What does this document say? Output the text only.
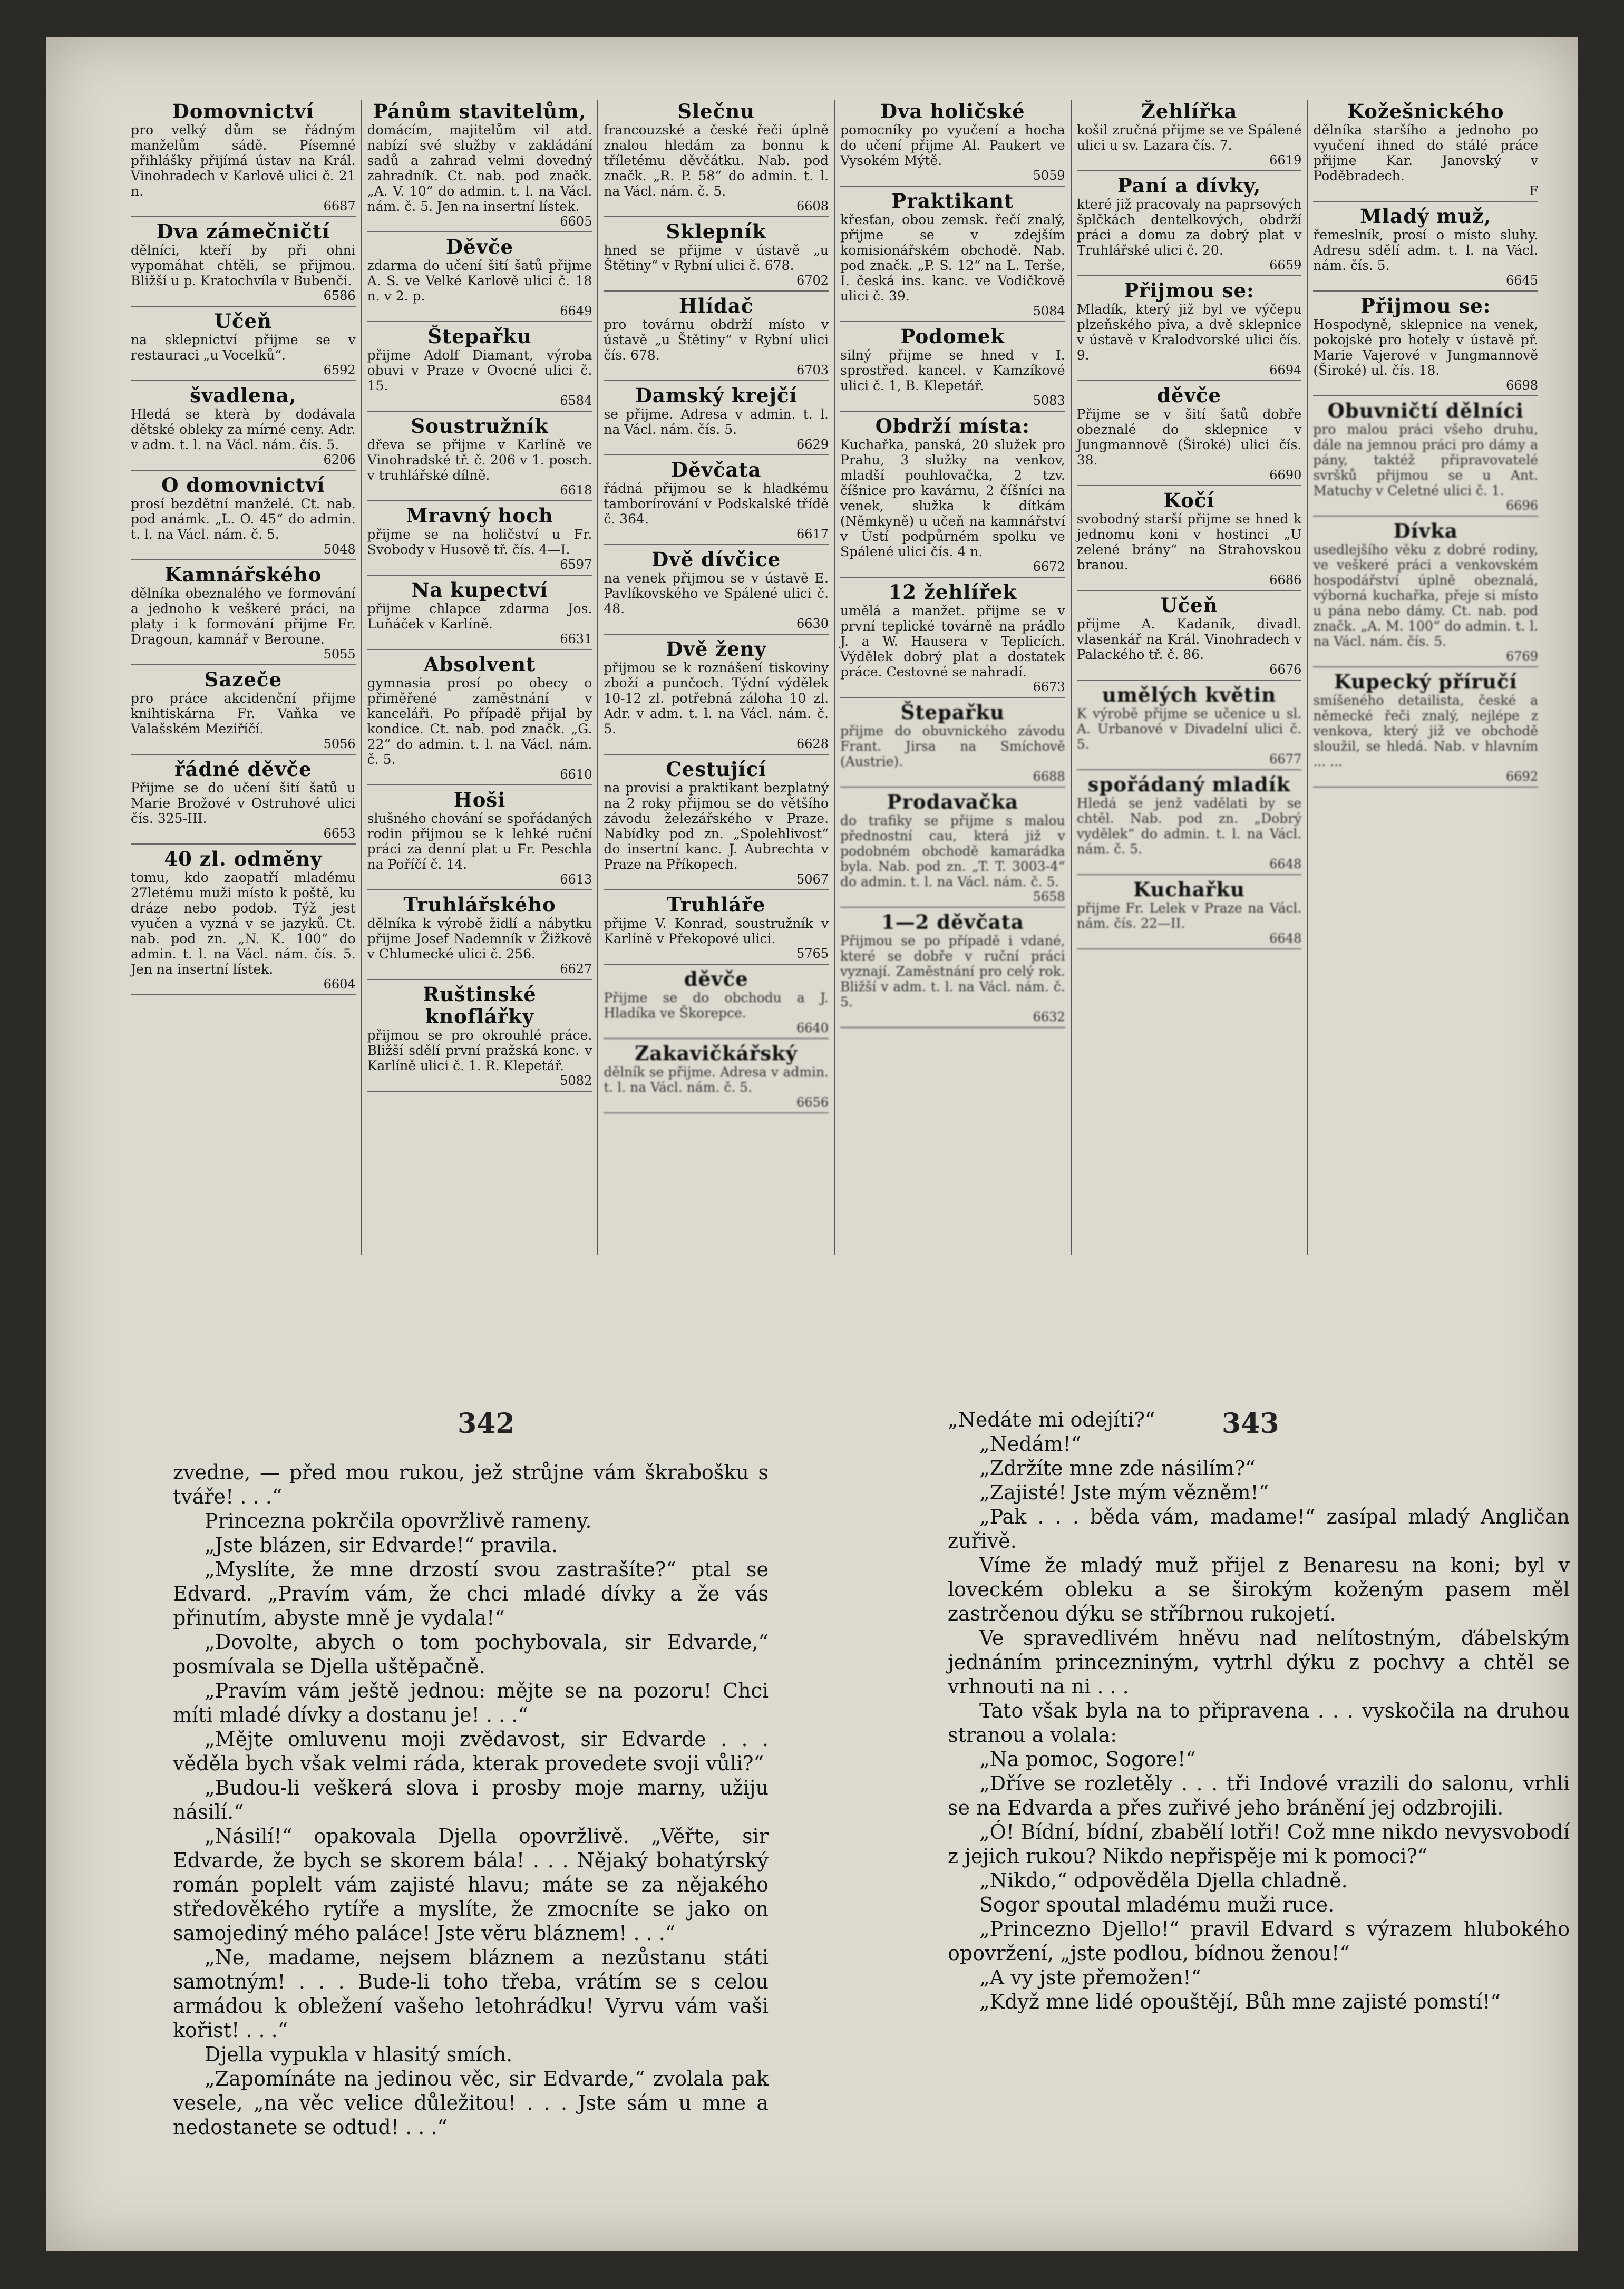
Domovnictví

pro velký dům se řádným manželům sádě. Písemné přihlášky přijímá ústav na Král. Vinohradech v Karlově ulici č. 21 n.

6687
Dva zámečničtí

dělníci, kteří by při ohni vypomáhat chtěli, se přijmou. Bližší u p. Kratochvíla v Bubenči.

6586
Učeň

na sklepnictví přijme se v restauraci „u Vocelků“.

6592
švadlena,

Hledá se kterà by dodávala dětské obleky za mírné ceny. Adr. v adm. t. l. na Václ. nám. čís. 5.

6206
O domovnictví

prosí bezdětní manželé. Ct. nab. pod anámk. „L. O. 45“ do admin. t. l. na Václ. nám. č. 5.

5048
Kamnářského

dělníka obeznalého ve formování a jednoho k veškeré práci, na platy i k formování přijme Fr. Dragoun, kamnář v Beroune.

5055
Sazeče

pro práce akcidenční přijme knihtiskárna Fr. Vaňka ve Valašském Meziříčí.

5056
řádné děvče

Přijme se do učení šití šatů u Marie Brožové v Ostruhové ulici čís. 325-III.

6653
40 zl. odměny

tomu, kdo zaopatří mladému 27letému muži místo k poště, ku dráze nebo podob. Týž jest vyučen a vyzná v se jazyků. Ct. nab. pod zn. „N. K. 100“ do admin. t. l. na Václ. nám. čís. 5. Jen na insertní lístek.

6604
Pánům stavitelům,

domácím, majitelům vil atd. nabízí své služby v zakládání sadů a zahrad velmi dovedný zahradník. Ct. nab. pod značk. „A. V. 10“ do admin. t. l. na Václ. nám. č. 5. Jen na insertní lístek.

6605
Děvče

zdarma do učení šití šatů přijme A. S. ve Velké Karlově ulici č. 18 n. v 2. p.

6649
Štepařku

přijme Adolf Diamant, výroba obuvi v Praze v Ovocné ulici č. 15.

6584
Soustružník

dřeva se přijme v Karlíně ve Vinohradské tř. č. 206 v 1. posch. v truhlářské dílně.

6618
Mravný hoch

přijme se na holičství u Fr. Svobody v Husově tř. čís. 4—I.

6597
Na kupectví

přijme chlapce zdarma Jos. Luňáček v Karlíně.

6631
Absolvent

gymnasia prosí po obecy o přiměřené zaměstnání v kanceláři. Po případě přijal by kondice. Ct. nab. pod značk. „G. 22“ do admin. t. l. na Václ. nám. č. 5.

6610
Hoši

slušného chování se spořádaných rodin přijmou se k lehké ruční práci za denní plat u Fr. Peschla na Poříčí č. 14.

6613
Truhlářského

dělníka k výrobě židlí a nábytku přijme Josef Nademník v Žižkově v Chlumecké ulici č. 256.

6627
Ruštinské knoflářky

přijmou se pro okrouhlé práce. Bližší sdělí první pražská konc. v Karlíně ulici č. 1. R. Klepetář.

5082
Slečnu

francouzské a české řeči úplně znalou hledám za bonnu k tříletému děvčátku. Nab. pod značk. „R. P. 58“ do admin. t. l. na Václ. nám. č. 5.

6608
Sklepník

hned se přijme v ústavě „u Štětiny“ v Rybní ulici č. 678.

6702
Hlídač

pro továrnu obdrží místo v ústavě „u Štětiny“ v Rybní ulici čís. 678.

6703
Damský krejčí

se přijme. Adresa v admin. t. l. na Václ. nám. čís. 5.

6629
Děvčata

řádná přijmou se k hladkému tamborírování v Podskalské třídě č. 364.

6617
Dvě dívčice

na venek přijmou se v ústavě E. Pavlíkovského ve Spálené ulici č. 48.

6630
Dvě ženy

přijmou se k roznášení tiskoviny zboží a punčoch. Týdní výdělek 10-12 zl. potřebná záloha 10 zl. Adr. v adm. t. l. na Václ. nám. č. 5.

6628
Cestující

na provisi a praktikant bezplatný na 2 roky přijmou se do většího závodu železářského v Praze. Nabídky pod zn. „Spolehlivost“ do insertní kanc. J. Aubrechta v Praze na Příkopech.

5067
Truhláře

přijme V. Konrad, soustružník v Karlíně v Překopové ulici.

5765
děvče

Přijme se do obchodu a J. Hladíka ve Škorepce.

6640
Zakavičkářský

dělník se přijme. Adresa v admin. t. l. na Václ. nám. č. 5.

6656
Dva holičské

pomocníky po vyučení a hocha do učení přijme Al. Paukert ve Vysokém Mýtě.

5059
Praktikant

křesťan, obou zemsk. řečí znalý, přijme se v zdejším komisionářském obchodě. Nab. pod značk. „P. S. 12“ na L. Terše, I. česká ins. kanc. ve Vodičkově ulici č. 39.

5084
Podomek

silný přijme se hned v I. sprostřed. kancel. v Kamzíkové ulici č. 1, B. Klepetář.

5083
Obdrží místa:

Kuchařka, panská, 20 služek pro Prahu, 3 služky na venkov, mladší pouhlovačka, 2 tzv. číšnice pro kavárnu, 2 číšníci na venek, služka k dítkám (Němkyně) u učeň na kamnářství v Ústí podpůrném spolku ve Spálené ulici čís. 4 n.

6672
12 žehlířek

umělá a manžet. přijme se v první teplické továrně na prádlo J. a W. Hausera v Teplicích. Výdělek dobrý plat a dostatek práce. Cestovné se nahradí.

6673
Štepařku

přijme do obuvnického závodu Frant. Jirsa na Smíchově (Austrie).

6688
Prodavačka

do trafiky se přijme s malou přednostní cau, která již v podobném obchodě kamarádka byla. Nab. pod zn. „T. T. 3003-4“ do admin. t. l. na Václ. nám. č. 5.

5658
1—2 děvčata

Přijmou se po případě i vdané, které se dobře v ruční práci vyznají. Zaměstnání pro celý rok. Bližší v adm. t. l. na Václ. nám. č. 5.

6632
Žehlířka

košil zručná přijme se ve Spálené ulici u sv. Lazara čís. 7.

6619
Paní a dívky,

které již pracovaly na paprsových šplčkách dentelkových, obdrží práci a domu za dobrý plat v Truhlářské ulici č. 20.

6659
Přijmou se:

Mladík, který již byl ve výčepu plzeňského piva, a dvě sklepnice v ústavě v Kralodvorské ulici čís. 9.

6694
děvče

Přijme se v šití šatů dobře obeznalé do sklepnice v Jungmannově (Široké) ulici čís. 38.

6690
Kočí

svobodný starší přijme se hned k jednomu koni v hostinci „U zelené brány“ na Strahovskou branou.

6686
Učeň

přijme A. Kadaník, divadl. vlasenkář na Král. Vinohradech v Palackého tř. č. 86.

6676
umělých květin

K výrobě přijme se učenice u sl. A. Urbanové v Divadelní ulici č. 5.

6677
spořádaný mladík

Hledá se jenž vadělati by se chtěl. Nab. pod zn. „Dobrý vydělek“ do admin. t. l. na Václ. nám. č. 5.

6648
Kuchařku

přijme Fr. Lelek v Praze na Václ. nám. čís. 22—II.

6648
Kožešnického

dělníka staršího a jednoho po vyučení ihned do stálé práce přijme Kar. Janovský v Poděbradech.

F
Mladý muž,

řemeslník, prosí o místo sluhy. Adresu sdělí adm. t. l. na Václ. nám. čís. 5.

6645
Přijmou se:

Hospodyně, sklepnice na venek, pokojské pro hotely v ústavě př. Marie Vajerové v Jungmannově (Široké) ul. čís. 18.

6698
Obuvničtí dělníci

pro malou práci všeho druhu, dále na jemnou práci pro dámy a pány, taktéž připravovatelé svršků přijmou se u Ant. Matuchy v Celetné ulici č. 1.

6696
Dívka

usedlejšího věku z dobré rodiny, ve veškeré práci a venkovském hospodářství úplně obeznalá, výborná kuchařka, přeje si místo u pána nebo dámy. Ct. nab. pod značk. „A. M. 100“ do admin. t. l. na Václ. nám. čís. 5.

6769
Kupecký příručí

smíšeného detailista, české a německé řeči znalý, nejlépe z venkova, který již ve obchodě sloužil, se hledá. Nab. v hlavním ... ...

6692
342	343

zvedne, — před mou rukou, jež strůjne vám škrabošku s tváře! . . .“

Princezna pokrčila opovržlivě rameny.

„Jste blázen, sir Edvarde!“ pravila.

„Myslíte, že mne drzostí svou zastrašíte?“ ptal se Edvard. „Pravím vám, že chci mladé dívky a že vás přinutím, abyste mně je vydala!“

„Dovolte, abych o tom pochybovala, sir Edvarde,“ posmívala se Djella uštěpačně.

„Pravím vám ještě jednou: mějte se na pozoru! Chci míti mladé dívky a dostanu je! . . .“

„Mějte omluvenu moji zvědavost, sir Edvarde . . . věděla bych však velmi ráda, kterak provedete svoji vůli?“

„Budou-li veškerá slova i prosby moje marny, užiju násilí.“

„Násilí!“ opakovala Djella opovržlivě. „Věřte, sir Edvarde, že bych se skorem bála! . . . Nějaký bohatýrský román poplelt vám zajisté hlavu; máte se za nějakého středověkého rytíře a myslíte, že zmocníte se jako on samojediný mého paláce! Jste věru bláznem! . . .“

„Ne, madame, nejsem bláznem a nezůstanu státi samotným! . . . Bude-li toho třeba, vrátím se s celou armádou k obležení vašeho letohrádku! Vyrvu vám vaši kořist! . . .“

Djella vypukla v hlasitý smích.

„Zapomínáte na jedinou věc, sir Edvarde,“ zvolala pak vesele, „na věc velice důležitou! . . . Jste sám u mne a nedostanete se odtud! . . .“

„Nedáte mi odejíti?“

„Nedám!“

„Zdržíte mne zde násilím?“

„Zajisté! Jste mým vězněm!“

„Pak . . . běda vám, madame!“ zasípal mladý Angličan zuřivě.

Víme že mladý muž přijel z Benaresu na koni; byl v loveckém obleku a se širokým koženým pasem měl zastrčenou dýku se stříbrnou rukojetí.

Ve spravedlivém hněvu nad nelítostným, ďábelským jednáním princezniným, vytrhl dýku z pochvy a chtěl se vrhnouti na ni . . .

Tato však byla na to připravena . . . vyskočila na druhou stranou a volala:

„Na pomoc, Sogore!“

„Dříve se rozletěly . . . tři Indové vrazili do salonu, vrhli se na Edvarda a přes zuřivé jeho bránění jej odzbrojili.

„Ó! Bídní, bídní, zbabělí lotři! Což mne nikdo nevysvobodí z jejich rukou? Nikdo nepřispěje mi k pomoci?“

„Nikdo,“ odpověděla Djella chladně.

Sogor spoutal mladému muži ruce.

„Princezno Djello!“ pravil Edvard s výrazem hlubokého opovržení, „jste podlou, bídnou ženou!“

„A vy jste přemožen!“

„Když mne lidé opouštějí, Bůh mne zajisté pomstí!“
